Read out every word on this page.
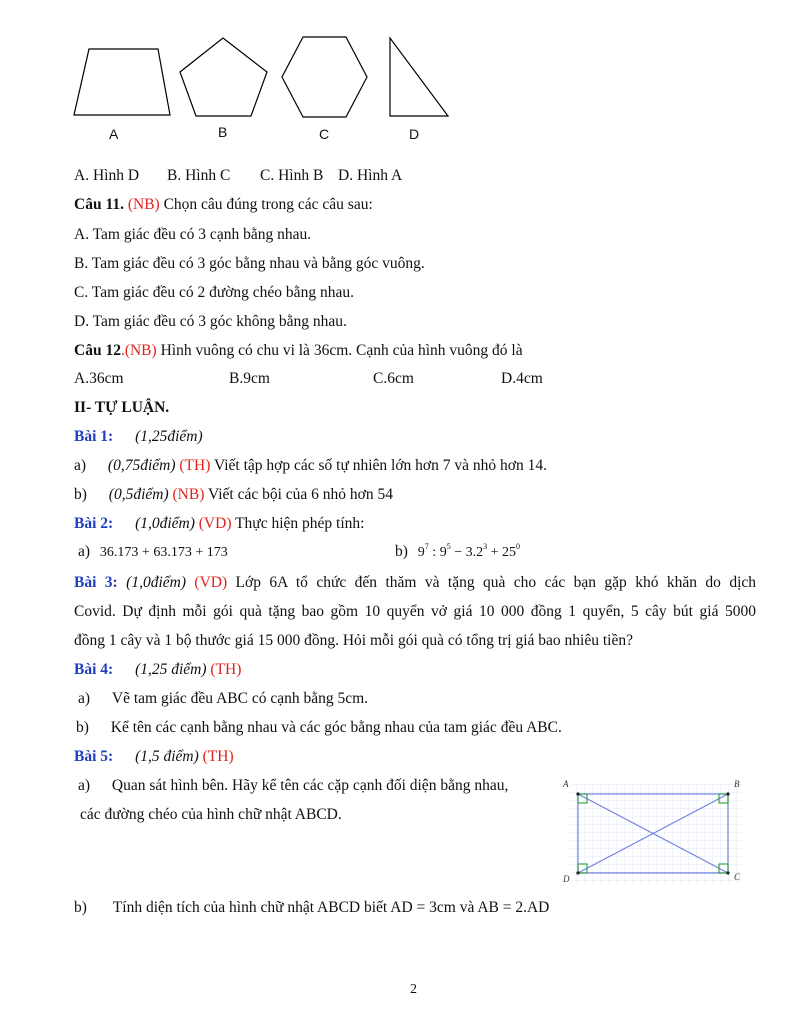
A	B	C	D
A. Hình D B. Hình C C. Hình B D. Hình A
Câu 11. (NB) Chọn câu đúng trong các câu sau:
A. Tam giác đều có 3 cạnh bằng nhau.
B. Tam giác đều có 3 góc bằng nhau và bằng góc vuông.
C. Tam giác đều có 2 đường chéo bằng nhau.
D. Tam giác đều có 3 góc không bằng nhau.
Câu 12.(NB) Hình vuông có chu vi là 36cm. Cạnh của hình vuông đó là
A.36cm	B.9cm	C.6cm	D.4cm
II- TỰ LUẬN.
Bài 1: (1,25điểm)
a) (0,75điểm) (TH) Viết tập hợp các số tự nhiên lớn hơn 7 và nhỏ hơn 14.
b) (0,5điểm) (NB) Viết các bội của 6 nhỏ hơn 54
Bài 2: (1,0điểm) (VD) Thực hiện phép tính:
a) 36.173 + 63.173 + 173	b) $9^7$ : $9^5 - 3.2^3 + 25^0$
Bài 3: (1,0điểm) (VD) Lớp 6A tổ chức đến thăm và tặng quà cho các bạn gặp khó khăn do dịch
Covid. Dự định mỗi gói quà tặng bao gồm 10 quyển vở giá 10 000 đồng 1 quyển, 5 cây bút giá 5000
đồng 1 cây và 1 bộ thước giá 15 000 đồng. Hỏi mỗi gói quà có tổng trị giá bao nhiêu tiền?
Bài 4: (1,25 điểm) (TH)
a) Vẽ tam giác đều ABC có cạnh bằng 5cm.
b) Kể tên các cạnh bằng nhau và các góc bằng nhau của tam giác đều ABC.
Bài 5: (1,5 điểm) (TH)
a) Quan sát hình bên. Hãy kể tên các cặp cạnh đối diện bằng nhau,
các đường chéo của hình chữ nhật ABCD.
A	B
C
D
b) Tính diện tích của hình chữ nhật ABCD biết AD = 3cm và AB = 2.AD
2
